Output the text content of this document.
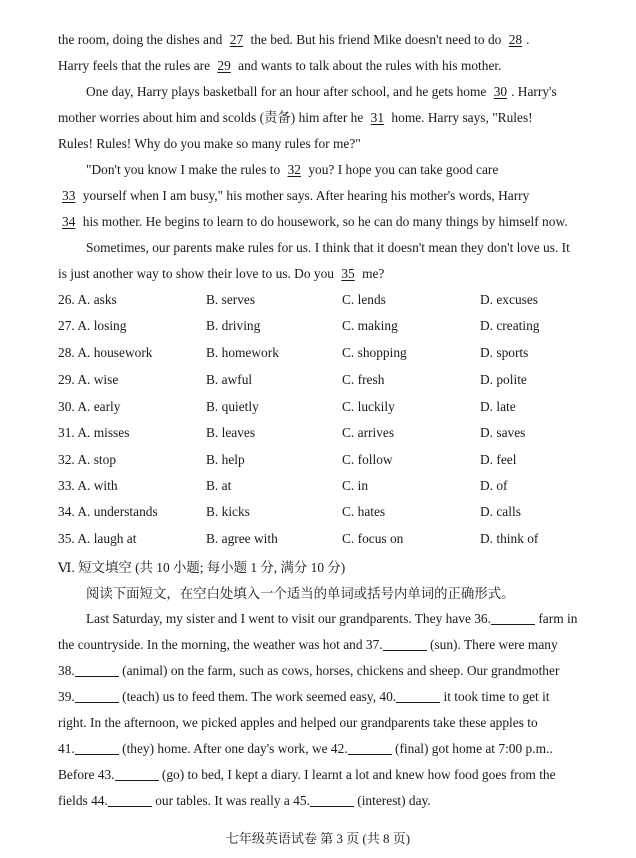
the room, doing the dishes and 27 the bed. But his friend Mike doesn't need to do 28 .
Harry feels that the rules are 29 and wants to talk about the rules with his mother.
One day, Harry plays basketball for an hour after school, and he gets home 30 . Harry's
mother worries about him and scolds (责备) him after he 31 home. Harry says, "Rules!
Rules! Rules! Why do you make so many rules for me?"
"Don't you know I make the rules to 32 you? I hope you can take good care
33 yourself when I am busy," his mother says. After hearing his mother's words, Harry
34 his mother. He begins to learn to do housework, so he can do many things by himself now.
Sometimes, our parents make rules for us. I think that it doesn't mean they don't love us. It
is just another way to show their love to us. Do you 35 me?
26. A. asks	B. serves	C. lends	D. excuses
27. A. losing	B. driving	C. making	D. creating
28. A. housework	B. homework	C. shopping	D. sports
29. A. wise	B. awful	C. fresh	D. polite
30. A. early	B. quietly	C. luckily	D. late
31. A. misses	B. leaves	C. arrives	D. saves
32. A. stop	B. help	C. follow	D. feel
33. A. with	B. at	C. in	D. of
34. A. understands	B. kicks	C. hates	D. calls
35. A. laugh at	B. agree with	C. focus on	D. think of
Ⅵ. 短文填空 (共 10 小题; 每小题 1 分, 满分 10 分)
阅读下面短文，在空白处填入一个适当的单词或括号内单词的正确形式。
Last Saturday, my sister and I went to visit our grandparents. They have 36.	farm in
the countryside. In the morning, the weather was hot and 37.	(sun). There were many
38.	(animal) on the farm, such as cows, horses, chickens and sheep. Our grandmother
39.	(teach) us to feed them. The work seemed easy, 40.	it took time to get it
right. In the afternoon, we picked apples and helped our grandparents take these apples to
41.	(they) home. After one day's work, we 42.	(final) got home at 7:00 p.m..
Before 43.	(go) to bed, I kept a diary. I learnt a lot and knew how food goes from the
fields 44.	our tables. It was really a 45.	(interest) day.
七年级英语试卷 第 3 页 (共 8 页)
